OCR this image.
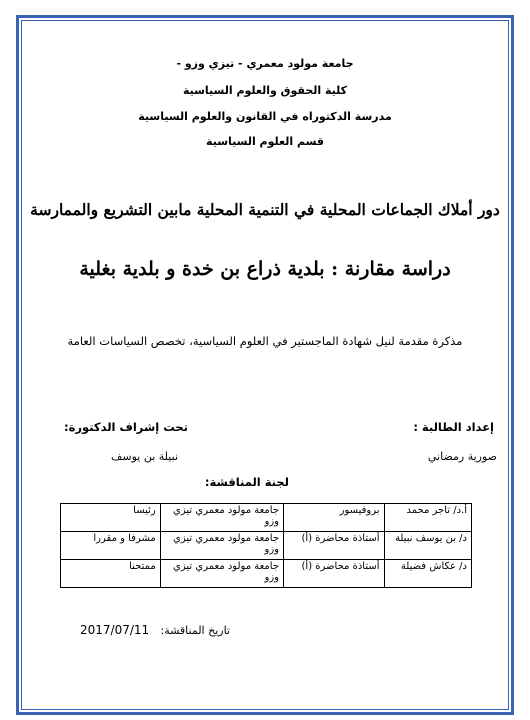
جامعة مولود معمري - تيزي وزو -

كلية الحقوق والعلوم السياسية

مدرسة الدكتوراه في القانون والعلوم السياسية

قسم العلوم السياسية

دور أملاك الجماعات المحلية في التنمية المحلية مابين التشريع والممارسة
دراسة مقارنة : بلدية ذراع بن خدة و بلدية بغلية
مذكرة مقدمة لنيل شهادة الماجستير في العلوم السياسية، تخصص السياسات العامة
إعداد الطالبة :
صورية رمضاني
تحت إشراف الدكتورة:
نبيلة بن يوسف
لجنة المناقشة:
أ.د/ تاجر محمد	بروفيسور	جامعة مولود معمري تيزي وزو	رئيسا
د/ بن يوسف نبيلة	أستاذة محاضرة (أ)	جامعة مولود معمري تيزي وزو	مشرفا و مقررا
د/ عكاش فضيلة	أستاذة محاضرة (أ)	جامعة مولود معمري تيزي وزو	ممتحنا
تاريخ المناقشة:
2017/07/11
